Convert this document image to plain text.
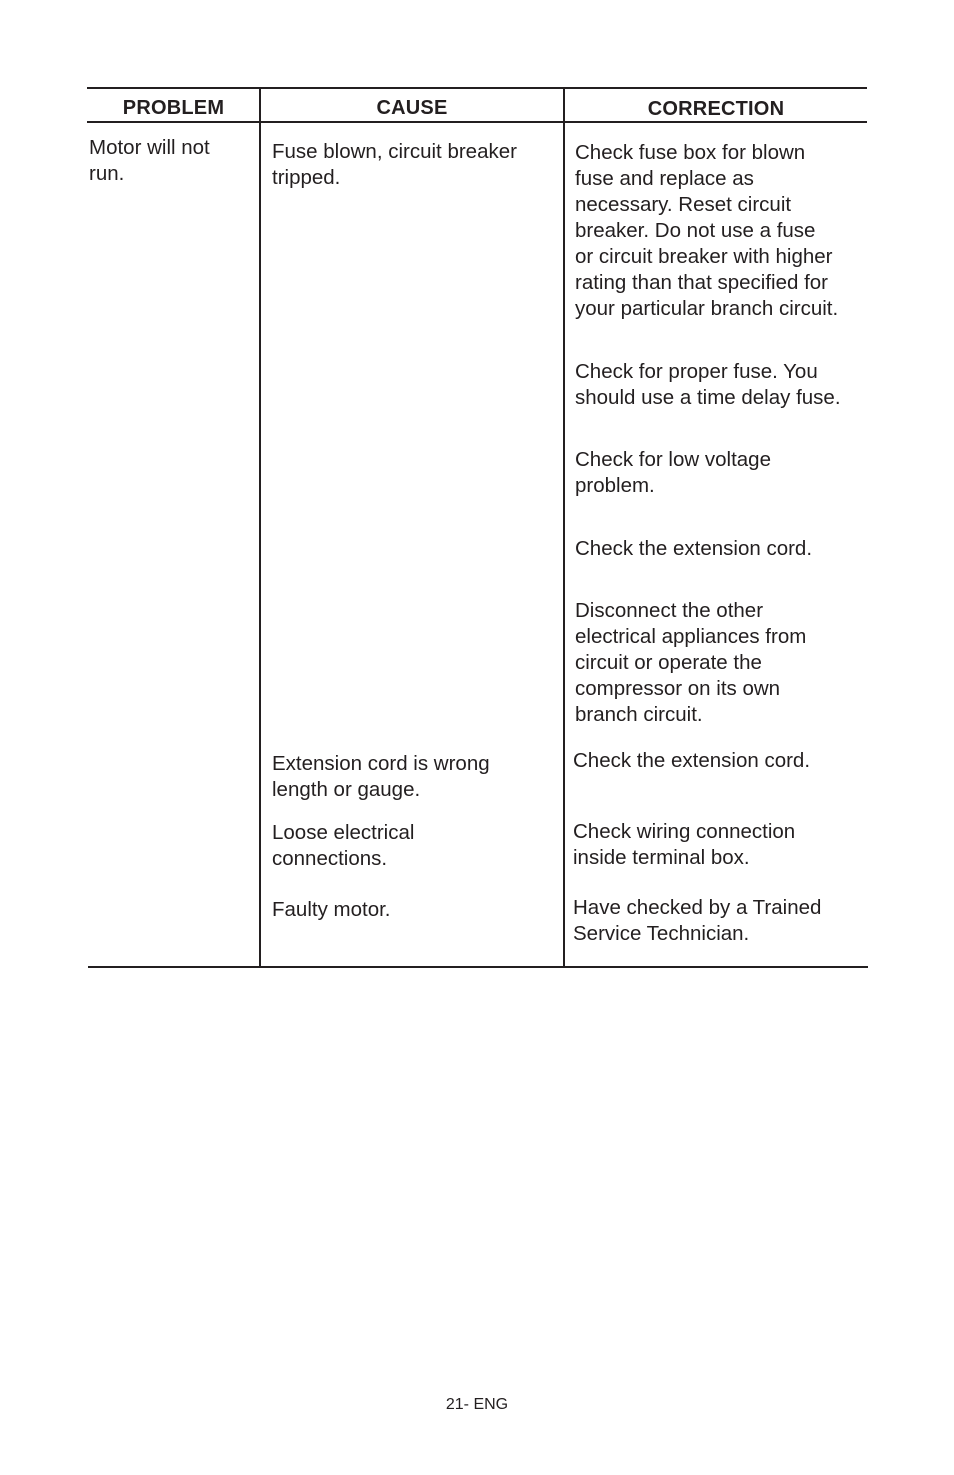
PROBLEM	CAUSE	CORRECTION
Motor will not
run.
Fuse blown, circuit breaker
tripped.
Extension cord is wrong
length or gauge.
Loose electrical
connections.
Faulty motor.
Check fuse box for blown
fuse and replace as
necessary. Reset circuit
breaker. Do not use a fuse
or circuit breaker with higher
rating than that specified for
your particular branch circuit.
Check for proper fuse. You
should use a time delay fuse.
Check for low voltage
problem.
Check the extension cord.
Disconnect the other
electrical appliances from
circuit or operate the
compressor on its own
branch circuit.
Check the extension cord.
Check wiring connection
inside terminal box.
Have checked by a Trained
Service Technician.
21- ENG
